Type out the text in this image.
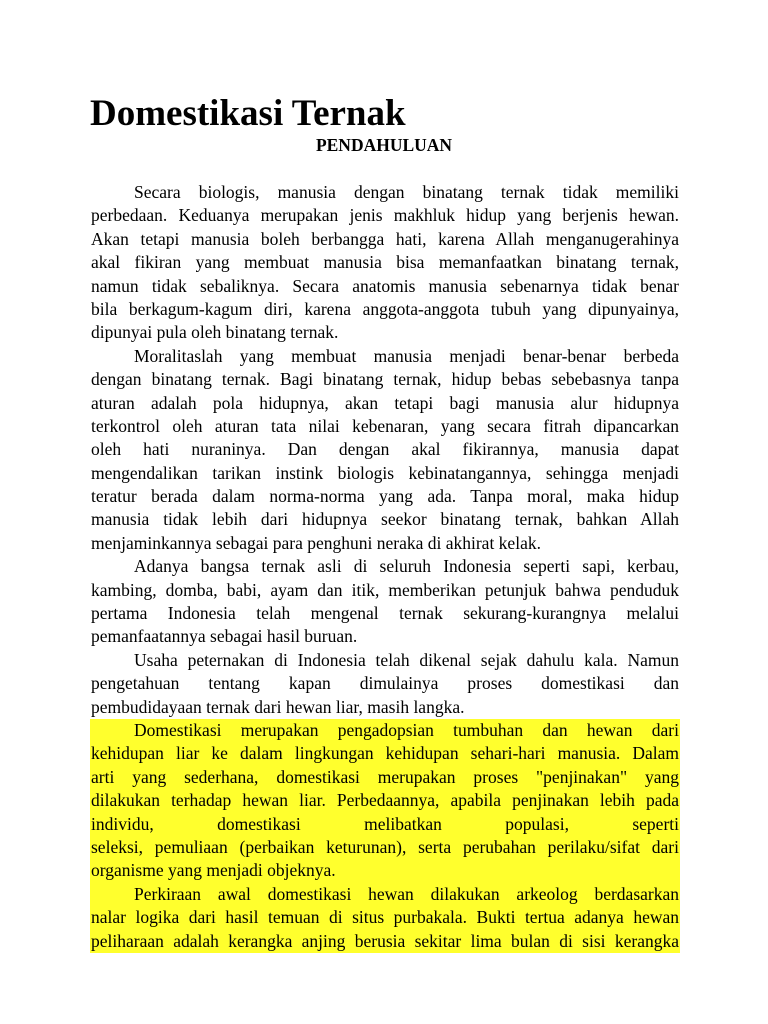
Domestikasi Ternak
PENDAHULUAN
Secara biologis, manusia dengan binatang ternak tidak memiliki
perbedaan. Keduanya merupakan jenis makhluk hidup yang berjenis hewan.
Akan tetapi manusia boleh berbangga hati, karena Allah menganugerahinya
akal fikiran yang membuat manusia bisa memanfaatkan binatang ternak,
namun tidak sebaliknya. Secara anatomis manusia sebenarnya tidak benar
bila berkagum-kagum diri, karena anggota-anggota tubuh yang dipunyainya,
dipunyai pula oleh binatang ternak.
Moralitaslah yang membuat manusia menjadi benar-benar berbeda
dengan binatang ternak. Bagi binatang ternak, hidup bebas sebebasnya tanpa
aturan adalah pola hidupnya, akan tetapi bagi manusia alur hidupnya
terkontrol oleh aturan tata nilai kebenaran, yang secara fitrah dipancarkan
oleh hati nuraninya. Dan dengan akal fikirannya, manusia dapat
mengendalikan tarikan instink biologis kebinatangannya, sehingga menjadi
teratur berada dalam norma-norma yang ada. Tanpa moral, maka hidup
manusia tidak lebih dari hidupnya seekor binatang ternak, bahkan Allah
menjaminkannya sebagai para penghuni neraka di akhirat kelak.
Adanya bangsa ternak asli di seluruh Indonesia seperti sapi, kerbau,
kambing, domba, babi, ayam dan itik, memberikan petunjuk bahwa penduduk
pertama Indonesia telah mengenal ternak sekurang-kurangnya melalui
pemanfaatannya sebagai hasil buruan.
Usaha peternakan di Indonesia telah dikenal sejak dahulu kala. Namun
pengetahuan tentang kapan dimulainya proses domestikasi dan
pembudidayaan ternak dari hewan liar, masih langka.
Domestikasi merupakan pengadopsian tumbuhan dan hewan dari
kehidupan liar ke dalam lingkungan kehidupan sehari-hari manusia. Dalam
arti yang sederhana, domestikasi merupakan proses "penjinakan" yang
dilakukan terhadap hewan liar. Perbedaannya, apabila penjinakan lebih pada
individu, domestikasi melibatkan populasi, seperti
seleksi, pemuliaan (perbaikan keturunan), serta perubahan perilaku/sifat dari
organisme yang menjadi objeknya.
Perkiraan awal domestikasi hewan dilakukan arkeolog berdasarkan
nalar logika dari hasil temuan di situs purbakala. Bukti tertua adanya hewan
peliharaan adalah kerangka anjing berusia sekitar lima bulan di sisi kerangka
